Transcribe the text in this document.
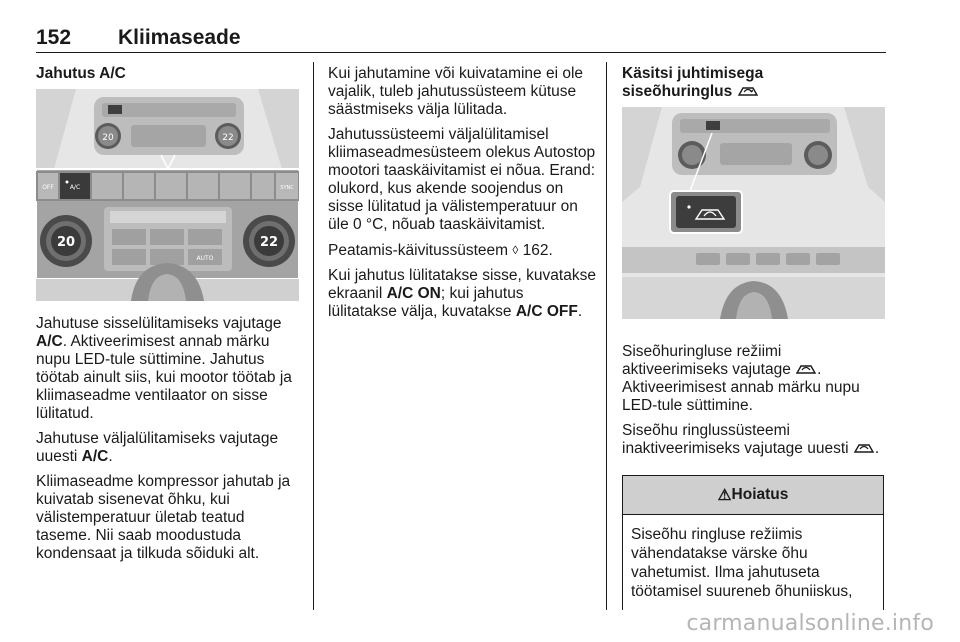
152 Kliimaseade
Jahutus A/C
20	22
OFF	A/C	SYNC
20	22
AUTO

Jahutuse sisselülitamiseks vajutage A/C. Aktiveerimisest annab märku nupu LED-tule süttimine. Jahutus töötab ainult siis, kui mootor töötab ja kliimaseadme ventilaator on sisse lülitatud.

Jahutuse väljalülitamiseks vajutage uuesti A/C.

Kliimaseadme kompressor jahutab ja kuivatab sisenevat õhku, kui välistemperatuur ületab teatud taseme. Nii saab moodustuda kondensaat ja tilkuda sõiduki alt.

Kui jahutamine või kuivatamine ei ole vajalik, tuleb jahutussüsteem kütuse säästmiseks välja lülitada.

Jahutussüsteemi väljalülitamisel kliimaseadmesüsteem olekus Autostop mootori taaskäivitamist ei nõua. Erand: olukord, kus akende soojendus on sisse lülitatud ja välistemperatuur on üle 0 °C, nõuab taaskäivitamist.

Peatamis-käivitussüsteem ◊ 162.

Kui jahutus lülitatakse sisse, kuvatakse ekraanil A/C ON; kui jahutus lülitatakse välja, kuvatakse A/C OFF.

Käsitsi juhtimisega
siseõhuringlus

Siseõhuringluse režiimi aktiveerimiseks vajutage . Aktiveerimisest annab märku nupu LED-tule süttimine.

Siseõhu ringlussüsteemi inaktiveerimiseks vajutage uuesti .

⚠ Hoiatus
Siseõhu ringluse režiimis vähendatakse värske õhu vahetumist. Ilma jahutuseta töötamisel suureneb õhuniiskus,
carmanualsonline.info
